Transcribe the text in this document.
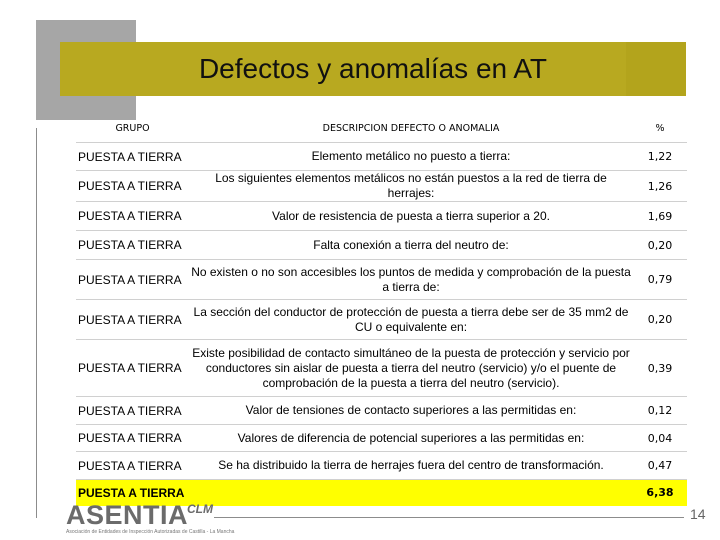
Defectos y anomalías en AT
GRUPO	DESCRIPCION DEFECTO O ANOMALIA	%
PUESTA A TIERRA	Elemento metálico no puesto a tierra:	1,22
PUESTA A TIERRA	Los siguientes elementos metálicos no están puestos a la red de tierra de herrajes:	1,26
PUESTA A TIERRA	Valor de resistencia de puesta a tierra superior a 20.	1,69
PUESTA A TIERRA	Falta conexión a tierra del neutro de:	0,20
PUESTA A TIERRA	No existen o no son accesibles los puntos de medida y comprobación de la puesta a tierra de:	0,79
PUESTA A TIERRA	La sección del conductor de protección de puesta a tierra debe ser de 35 mm2 de CU o equivalente en:	0,20
PUESTA A TIERRA	Existe posibilidad de contacto simultáneo de la puesta de protección y servicio por conductores sin aislar de puesta a tierra del neutro (servicio) y/o el puente de comprobación de la puesta a tierra del neutro (servicio).	0,39
PUESTA A TIERRA	Valor de tensiones de contacto superiores a las permitidas en:	0,12
PUESTA A TIERRA	Valores de diferencia de potencial superiores a las permitidas en:	0,04
PUESTA A TIERRA	Se ha distribuido la tierra de herrajes fuera del centro de transformación.	0,47
PUESTA A TIERRA		6,38
ASENTIA
CLM
Asociación de Entidades de Inspección Autorizadas de Castilla - La Mancha
14
